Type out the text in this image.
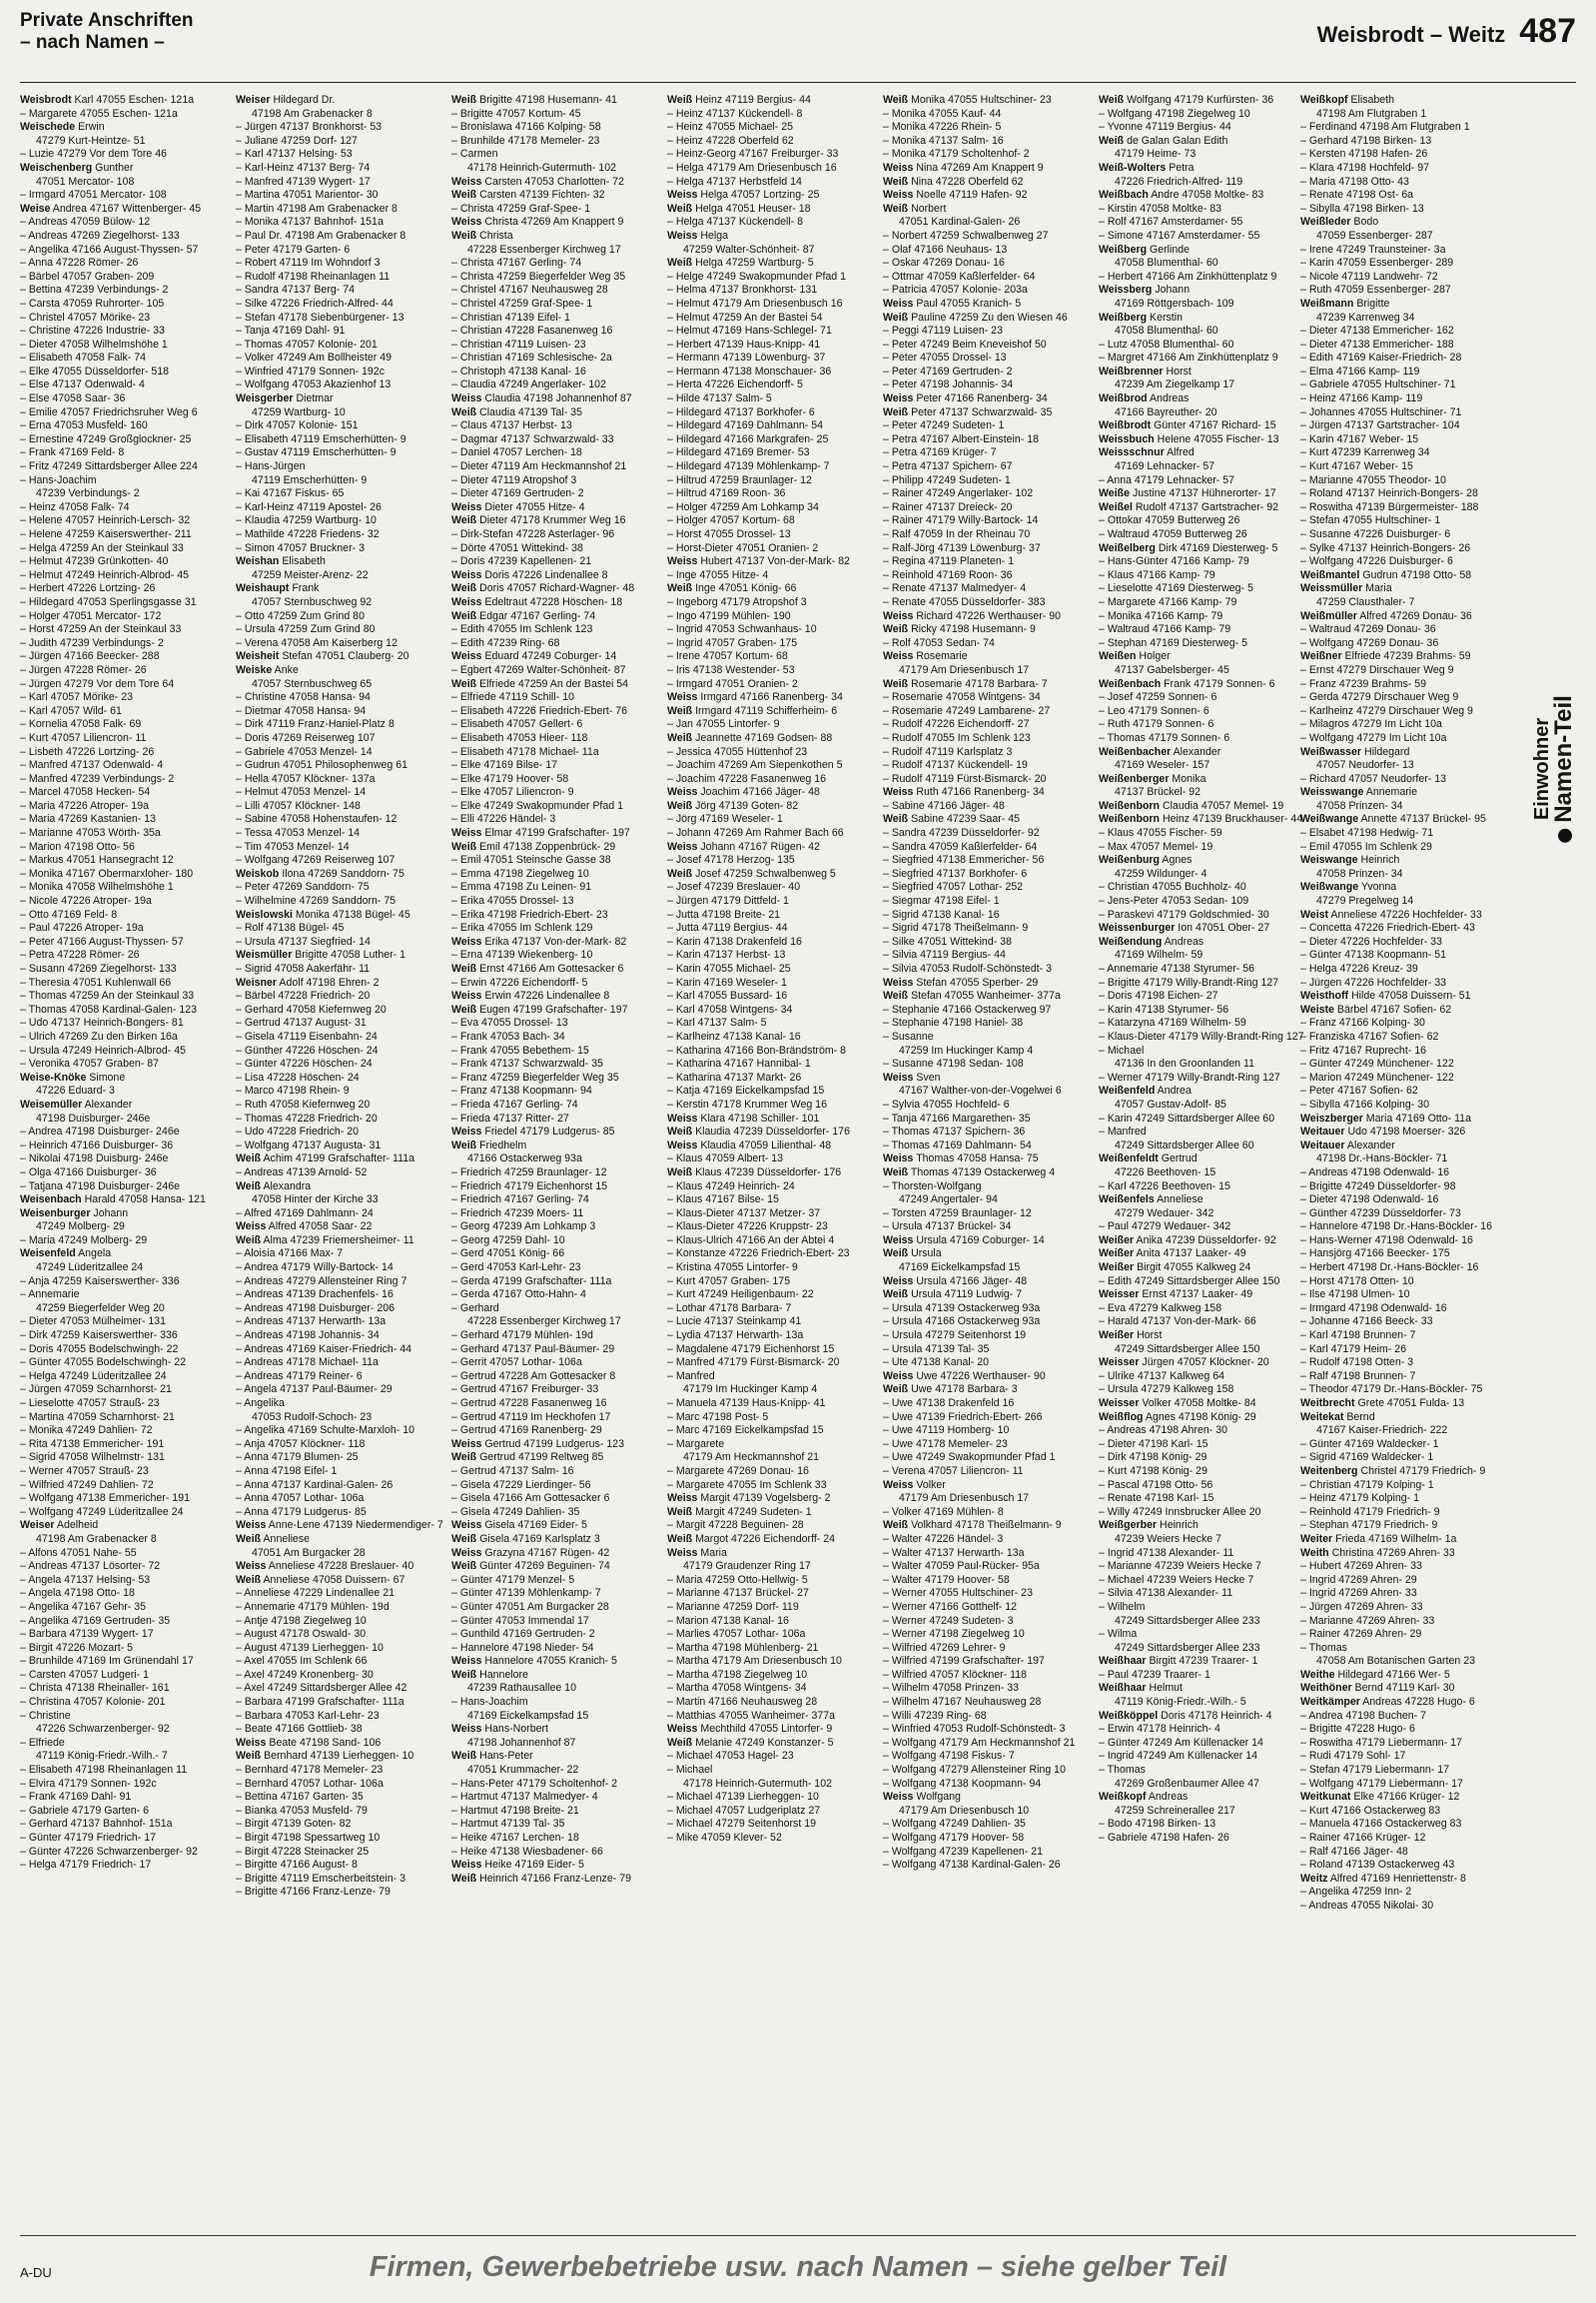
Private Anschriften
– nach Namen –	Weisbrodt – Weitz 487
Weisbrodt Karl 47055 Eschen- 121a
– Margarete 47055 Eschen- 121a
Weischede Erwin
47279 Kurt-Heintze- 51
– Luzie 47279 Vor dem Tore 46
Weischenberg Gunther
47051 Mercator- 108
– Irmgard 47051 Mercator- 108
Weise Andrea 47167 Wittenberger- 45
– Andreas 47059 Bülow- 12
– Andreas 47269 Ziegelhorst- 133
– Angelika 47166 August-Thyssen- 57
– Anna 47228 Römer- 26
– Bärbel 47057 Graben- 209
– Bettina 47239 Verbindungs- 2
– Carsta 47059 Ruhrorter- 105
– Christel 47057 Mörike- 23
– Christine 47226 Industrie- 33
– Dieter 47058 Wilhelmshöhe 1
– Elisabeth 47058 Falk- 74
– Elke 47055 Düsseldorfer- 518
– Else 47137 Odenwald- 4
– Else 47058 Saar- 36
– Emilie 47057 Friedrichsruher Weg 6
– Erna 47053 Musfeld- 160
– Ernestine 47249 Großglockner- 25
– Frank 47169 Feld- 8
– Fritz 47249 Sittardsberger Allee 224
– Hans-Joachim
47239 Verbindungs- 2
– Heinz 47058 Falk- 74
– Helene 47057 Heinrich-Lersch- 32
– Helene 47259 Kaiserswerther- 211
– Helga 47259 An der Steinkaul 33
– Helmut 47239 Grünkotten- 40
– Helmut 47249 Heinrich-Albrod- 45
– Herbert 47226 Lortzing- 26
– Hildegard 47053 Sperlingsgasse 31
– Holger 47051 Mercator- 172
– Horst 47259 An der Steinkaul 33
– Judith 47239 Verbindungs- 2
– Jürgen 47166 Beecker- 288
– Jürgen 47228 Römer- 26
– Jürgen 47279 Vor dem Tore 64
– Karl 47057 Mörike- 23
– Karl 47057 Wild- 61
– Kornelia 47058 Falk- 69
– Kurt 47057 Liliencron- 11
– Lisbeth 47226 Lortzing- 26
– Manfred 47137 Odenwald- 4
– Manfred 47239 Verbindungs- 2
– Marcel 47058 Hecken- 54
– Maria 47226 Atroper- 19a
– Maria 47269 Kastanien- 13
– Marianne 47053 Wörth- 35a
– Marion 47198 Otto- 56
– Markus 47051 Hansegracht 12
– Monika 47167 Obermarxloher- 180
– Monika 47058 Wilhelmshöhe 1
– Nicole 47226 Atroper- 19a
– Otto 47169 Feld- 8
– Paul 47226 Atroper- 19a
– Peter 47166 August-Thyssen- 57
– Petra 47228 Römer- 26
– Susann 47269 Ziegelhorst- 133
– Theresia 47051 Kuhlenwall 66
– Thomas 47259 An der Steinkaul 33
– Thomas 47058 Kardinal-Galen- 123
– Udo 47137 Heinrich-Bongers- 81
– Ulrich 47269 Zu den Birken 16a
– Ursula 47249 Heinrich-Albrod- 45
– Veronika 47057 Graben- 87
Weise-Knöke Simone
47226 Eduard- 3
Weisemüller Alexander
47198 Duisburger- 246e
– Andrea 47198 Duisburger- 246e
– Heinrich 47166 Duisburger- 36
– Nikolai 47198 Duisburg- 246e
– Olga 47166 Duisburger- 36
– Tatjana 47198 Duisburger- 246e
Weisenbach Harald 47058 Hansa- 121
Weisenburger Johann
47249 Molberg- 29
– Maria 47249 Molberg- 29
Weisenfeld Angela
47249 Lüderitzallee 24
– Anja 47259 Kaiserswerther- 336
– Annemarie
47259 Biegerfelder Weg 20
– Dieter 47053 Mülheimer- 131
– Dirk 47259 Kaiserswerther- 336
– Doris 47055 Bodelschwingh- 22
– Günter 47055 Bodelschwingh- 22
– Helga 47249 Lüderitzallee 24
– Jürgen 47059 Scharnhorst- 21
– Lieselotte 47057 Strauß- 23
– Martina 47059 Scharnhorst- 21
– Monika 47249 Dahlien- 72
– Rita 47138 Emmericher- 191
– Sigrid 47058 Wilhelmstr- 131
– Werner 47057 Strauß- 23
– Wilfried 47249 Dahlien- 72
– Wolfgang 47138 Emmericher- 191
– Wolfgang 47249 Lüderitzallee 24
Weiser Adelheid
47198 Am Grabenacker 8
– Alfons 47051 Nahe- 55
– Andreas 47137 Lösorter- 72
– Angela 47137 Helsing- 53
– Angela 47198 Otto- 18
– Angelika 47167 Gehr- 35
– Angelika 47169 Gertruden- 35
– Barbara 47139 Wygert- 17
– Birgit 47226 Mozart- 5
– Brunhilde 47169 Im Grünendahl 17
– Carsten 47057 Ludgeri- 1
– Christa 47138 Rheinaller- 161
– Christina 47057 Kolonie- 201
– Christine
47226 Schwarzenberger- 92
– Elfriede
47119 König-Friedr.-Wilh.- 7
– Elisabeth 47198 Rheinanlagen 11
– Elvira 47179 Sonnen- 192c
– Frank 47169 Dahl- 91
– Gabriele 47179 Garten- 6
– Gerhard 47137 Bahnhof- 151a
– Günter 47179 Friedrich- 17
– Günter 47226 Schwarzenberger- 92
– Helga 47179 Friedrich- 17
Weiser Hildegard Dr.
47198 Am Grabenacker 8
– Jürgen 47137 Bronkhorst- 53
– Juliane 47259 Dorf- 127
– Karl 47137 Helsing- 53
– Karl-Heinz 47137 Berg- 74
– Manfred 47139 Wygert- 17
– Martina 47051 Marientor- 30
– Martin 47198 Am Grabenacker 8
– Monika 47137 Bahnhof- 151a
– Paul Dr. 47198 Am Grabenacker 8
– Peter 47179 Garten- 6
– Robert 47119 Im Wohndorf 3
– Rudolf 47198 Rheinanlagen 11
– Sandra 47137 Berg- 74
– Silke 47226 Friedrich-Alfred- 44
– Stefan 47178 Siebenbürgener- 13
– Tanja 47169 Dahl- 91
– Thomas 47057 Kolonie- 201
– Volker 47249 Am Bollheister 49
– Winfried 47179 Sonnen- 192c
– Wolfgang 47053 Akazienhof 13
Weisgerber Dietmar
47259 Wartburg- 10
– Dirk 47057 Kolonie- 151
– Elisabeth 47119 Emscherhütten- 9
– Gustav 47119 Emscherhütten- 9
– Hans-Jürgen
47119 Emscherhütten- 9
– Kai 47167 Fiskus- 65
– Karl-Heinz 47119 Apostel- 26
– Klaudia 47259 Wartburg- 10
– Mathilde 47228 Friedens- 32
– Simon 47057 Bruckner- 3
Weishan Elisabeth
47259 Meister-Arenz- 22
Weishaupt Frank
47057 Sternbuschweg 92
– Otto 47259 Zum Grind 80
– Ursula 47259 Zum Grind 80
– Verena 47058 Am Kaiserberg 12
Weisheit Stefan 47051 Clauberg- 20
Weiske Anke
47057 Sternbuschweg 65
– Christine 47058 Hansa- 94
– Dietmar 47058 Hansa- 94
– Dirk 47119 Franz-Haniel-Platz 8
– Doris 47269 Reiserweg 107
– Gabriele 47053 Menzel- 14
– Gudrun 47051 Philosophenweg 61
– Hella 47057 Klöckner- 137a
– Helmut 47053 Menzel- 14
– Lilli 47057 Klöckner- 148
– Sabine 47058 Hohenstaufen- 12
– Tessa 47053 Menzel- 14
– Tim 47053 Menzel- 14
– Wolfgang 47269 Reiserweg 107
Weiskob Ilona 47269 Sanddorn- 75
– Peter 47269 Sanddorn- 75
– Wilhelmine 47269 Sanddorn- 75
Weislowski Monika 47138 Bügel- 45
– Rolf 47138 Bügel- 45
– Ursula 47137 Siegfried- 14
Weismüller Brigitte 47058 Luther- 1
– Sigrid 47058 Aakerfähr- 11
Weisner Adolf 47198 Ehren- 2
– Bärbel 47228 Friedrich- 20
– Gerhard 47058 Kiefernweg 20
– Gertrud 47137 August- 31
– Gisela 47119 Eisenbahn- 24
– Günther 47226 Höschen- 24
– Günter 47226 Höschen- 24
– Lisa 47228 Höschen- 24
– Marco 47198 Rhein- 9
– Ruth 47058 Kiefernweg 20
– Thomas 47228 Friedrich- 20
– Udo 47228 Friedrich- 20
– Wolfgang 47137 Augusta- 31
Weiß Achim 47199 Grafschafter- 111a
– Andreas 47139 Arnold- 52
Weiß Alexandra
47058 Hinter der Kirche 33
– Alfred 47169 Dahlmann- 24
Weiss Alfred 47058 Saar- 22
Weiß Alma 47239 Friemersheimer- 11
– Aloisia 47166 Max- 7
– Andrea 47179 Willy-Bartock- 14
– Andreas 47279 Allensteiner Ring 7
– Andreas 47139 Drachenfels- 16
– Andreas 47198 Duisburger- 206
– Andreas 47137 Herwarth- 13a
– Andreas 47198 Johannis- 34
– Andreas 47169 Kaiser-Friedrich- 44
– Andreas 47178 Michael- 11a
– Andreas 47179 Reiner- 6
– Angela 47137 Paul-Bäumer- 29
– Angelika
47053 Rudolf-Schoch- 23
– Angelika 47169 Schulte-Marxloh- 10
– Anja 47057 Klöckner- 118
– Anna 47179 Blumen- 25
– Anna 47198 Eifel- 1
– Anna 47137 Kardinal-Galen- 26
– Anna 47057 Lothar- 106a
– Anna 47179 Ludgerus- 85
Weiss Anne-Lene 47139 Niedermendiger- 7
Weiß Anneliese
47051 Am Burgacker 28
Weiss Anneliese 47228 Breslauer- 40
Weiß Anneliese 47058 Duissern- 67
– Anneliese 47229 Lindenallee 21
– Annemarie 47179 Mühlen- 19d
– Antje 47198 Ziegelweg 10
– August 47178 Oswald- 30
– August 47139 Lierheggen- 10
– Axel 47055 Im Schlenk 66
– Axel 47249 Kronenberg- 30
– Axel 47249 Sittardsberger Allee 42
– Barbara 47199 Grafschafter- 111a
– Barbara 47053 Karl-Lehr- 23
– Beate 47166 Gottlieb- 38
Weiss Beate 47198 Sand- 106
Weiß Bernhard 47139 Lierheggen- 10
– Bernhard 47178 Memeler- 23
– Bernhard 47057 Lothar- 106a
– Bettina 47167 Garten- 35
– Bianka 47053 Musfeld- 79
– Birgit 47139 Goten- 82
– Birgit 47198 Spessartweg 10
– Birgit 47228 Steinacker 25
– Birgitte 47166 August- 8
– Brigitte 47119 Emscherbeitstein- 3
– Brigitte 47166 Franz-Lenze- 79
Weiß Brigitte 47198 Husemann- 41
– Brigitte 47057 Kortum- 45
– Bronislawa 47166 Kolping- 58
– Brunhilde 47178 Memeler- 23
– Carmen
47178 Heinrich-Gutermuth- 102
Weiss Carsten 47053 Charlotten- 72
Weiß Carsten 47139 Fichten- 32
– Christa 47259 Graf-Spee- 1
Weiss Christa 47269 Am Knappert 9
Weiß Christa
47228 Essenberger Kirchweg 17
– Christa 47167 Gerling- 74
– Christa 47259 Biegerfelder Weg 35
– Christel 47167 Neuhausweg 28
– Christel 47259 Graf-Spee- 1
– Christian 47139 Eifel- 1
– Christian 47228 Fasanenweg 16
– Christian 47119 Luisen- 23
– Christian 47169 Schlesische- 2a
– Christoph 47138 Kanal- 16
– Claudia 47249 Angerlaker- 102
Weiss Claudia 47198 Johannenhof 87
Weiß Claudia 47139 Tal- 35
– Claus 47137 Herbst- 13
– Dagmar 47137 Schwarzwald- 33
– Daniel 47057 Lerchen- 18
– Dieter 47119 Am Heckmannshof 21
– Dieter 47119 Atropshof 3
– Dieter 47169 Gertruden- 2
Weiss Dieter 47055 Hitze- 4
Weiß Dieter 47178 Krummer Weg 16
– Dirk-Stefan 47228 Asterlager- 96
– Dörte 47051 Wittekind- 38
– Doris 47239 Kapellenen- 21
Weiss Doris 47226 Lindenallee 8
Weiß Doris 47057 Richard-Wagner- 48
Weiss Edeltraut 47228 Höschen- 18
Weiß Edgar 47167 Gerling- 74
– Edith 47055 Im Schlenk 123
– Edith 47239 Ring- 68
Weiss Eduard 47249 Coburger- 14
– Egbert 47269 Walter-Schönheit- 87
Weiß Elfriede 47259 An der Bastei 54
– Elfriede 47119 Schill- 10
– Elisabeth 47226 Friedrich-Ebert- 76
– Elisabeth 47057 Gellert- 6
– Elisabeth 47053 Hieer- 118
– Elisabeth 47178 Michael- 11a
– Elke 47169 Bilse- 17
– Elke 47179 Hoover- 58
– Elke 47057 Liliencron- 9
– Elke 47249 Swakopmunder Pfad 1
– Elli 47226 Händel- 3
Weiss Elmar 47199 Grafschafter- 197
Weiß Emil 47138 Zoppenbrück- 29
– Emil 47051 Steinsche Gasse 38
– Emma 47198 Ziegelweg 10
– Emma 47198 Zu Leinen- 91
– Erika 47055 Drossel- 13
– Erika 47198 Friedrich-Ebert- 23
– Erika 47055 Im Schlenk 129
Weiss Erika 47137 Von-der-Mark- 82
– Erna 47139 Wiekenberg- 10
Weiß Ernst 47166 Am Gottesacker 6
– Erwin 47226 Eichendorff- 5
Weiss Erwin 47226 Lindenallee 8
Weiß Eugen 47199 Grafschafter- 197
– Eva 47055 Drossel- 13
– Frank 47053 Bach- 34
– Frank 47055 Bebethem- 15
– Frank 47137 Schwarzwald- 35
– Franz 47259 Biegerfelder Weg 35
– Franz 47138 Koopmann- 94
– Frieda 47167 Gerling- 74
– Frieda 47137 Ritter- 27
Weiss Friedel 47179 Ludgerus- 85
Weiß Friedhelm
47166 Ostackerweg 93a
– Friedrich 47259 Braunlager- 12
– Friedrich 47179 Eichenhorst 15
– Friedrich 47167 Gerling- 74
– Friedrich 47239 Moers- 11
– Georg 47239 Am Lohkamp 3
– Georg 47259 Dahl- 10
– Gerd 47051 König- 66
– Gerd 47053 Karl-Lehr- 23
– Gerda 47199 Grafschafter- 111a
– Gerda 47167 Otto-Hahn- 4
– Gerhard
47228 Essenberger Kirchweg 17
– Gerhard 47179 Mühlen- 19d
– Gerhard 47137 Paul-Bäumer- 29
– Gerrit 47057 Lothar- 106a
– Gertrud 47228 Am Gottesacker 8
– Gertrud 47167 Freiburger- 33
– Gertrud 47228 Fasanenweg 16
– Gertrud 47119 Im Heckhofen 17
– Gertrud 47169 Ranenberg- 29
Weiss Gertrud 47199 Ludgerus- 123
Weiß Gertrud 47199 Reltweg 85
– Gertrud 47137 Salm- 16
– Gisela 47229 Lierdinger- 56
– Gisela 47166 Am Gottesacker 6
– Gisela 47249 Dahlien- 35
Weiss Gisela 47169 Eider- 5
Weiß Gisela 47169 Karlsplatz 3
Weiss Grazyna 47167 Rügen- 42
Weiß Günter 47269 Beguinen- 74
– Günter 47179 Menzel- 5
– Günter 47139 Möhlenkamp- 7
– Günter 47051 Am Burgacker 28
– Günter 47053 Immendal 17
– Gunthild 47169 Gertruden- 2
– Hannelore 47198 Nieder- 54
Weiss Hannelore 47055 Kranich- 5
Weiß Hannelore
47239 Rathausallee 10
– Hans-Joachim
47169 Eickelkampsfad 15
Weiss Hans-Norbert
47198 Johannenhof 87
Weiß Hans-Peter
47051 Krummacher- 22
– Hans-Peter 47179 Scholtenhof- 2
– Hartmut 47137 Malmedyer- 4
– Hartmut 47198 Breite- 21
– Hartmut 47139 Tal- 35
– Heike 47167 Lerchen- 18
– Heike 47138 Wiesbadener- 66
Weiss Heike 47169 Eider- 5
Weiß Heinrich 47166 Franz-Lenze- 79
Weiß Heinz 47119 Bergius- 44
– Heinz 47137 Kückendell- 8
– Heinz 47055 Michael- 25
– Heinz 47228 Oberfeld 62
– Heinz-Georg 47167 Freiburger- 33
– Helga 47179 Am Driesenbusch 16
– Helga 47137 Herbstfeld 14
Weiss Helga 47057 Lortzing- 25
Weiß Helga 47051 Heuser- 18
– Helga 47137 Kückendell- 8
Weiss Helga
47259 Walter-Schönheit- 87
Weiß Helga 47259 Wartburg- 5
– Helge 47249 Swakopmunder Pfad 1
– Helma 47137 Bronkhorst- 131
– Helmut 47179 Am Driesenbusch 16
– Helmut 47259 An der Bastei 54
– Helmut 47169 Hans-Schlegel- 71
– Herbert 47139 Haus-Knipp- 41
– Hermann 47139 Löwenburg- 37
– Hermann 47138 Monschauer- 36
– Herta 47226 Eichendorff- 5
– Hilde 47137 Salm- 5
– Hildegard 47137 Borkhofer- 6
– Hildegard 47169 Dahlmann- 54
– Hildegard 47166 Markgrafen- 25
– Hildegard 47169 Bremer- 53
– Hildegard 47139 Möhlenkamp- 7
– Hiltrud 47259 Braunlager- 12
– Hiltrud 47169 Roon- 36
– Holger 47259 Am Lohkamp 34
– Holger 47057 Kortum- 68
– Horst 47055 Drossel- 13
– Horst-Dieter 47051 Oranien- 2
Weiss Hubert 47137 Von-der-Mark- 82
– Inge 47055 Hitze- 4
Weiß Inge 47051 König- 66
– Ingeborg 47179 Atropshof 3
– Ingo 47199 Mühlen- 190
– Ingrid 47053 Schwanhaus- 10
– Ingrid 47057 Graben- 175
– Irene 47057 Kortum- 68
– Iris 47138 Westender- 53
– Irmgard 47051 Oranien- 2
Weiss Irmgard 47166 Ranenberg- 34
Weiß Irmgard 47119 Schifferheim- 6
– Jan 47055 Lintorfer- 9
Weiß Jeannette 47169 Godsen- 88
– Jessica 47055 Hüttenhof 23
– Joachim 47269 Am Siepenkothen 5
– Joachim 47228 Fasanenweg 16
Weiss Joachim 47166 Jäger- 48
Weiß Jörg 47139 Goten- 82
– Jörg 47169 Weseler- 1
– Johann 47269 Am Rahmer Bach 66
Weiss Johann 47167 Rügen- 42
– Josef 47178 Herzog- 135
Weiß Josef 47259 Schwalbenweg 5
– Josef 47239 Breslauer- 40
– Jürgen 47179 Dittfeld- 1
– Jutta 47198 Breite- 21
– Jutta 47119 Bergius- 44
– Karin 47138 Drakenfeld 16
– Karin 47137 Herbst- 13
– Karin 47055 Michael- 25
– Karin 47169 Weseler- 1
– Karl 47055 Bussard- 16
– Karl 47058 Wintgens- 34
– Karl 47137 Salm- 5
– Karlheinz 47138 Kanal- 16
– Katharina 47166 Bon-Brändström- 8
– Katharina 47167 Hannibal- 1
– Katharina 47137 Markt- 26
– Katja 47169 Eickelkampsfad 15
– Kerstin 47178 Krummer Weg 16
Weiss Klara 47198 Schiller- 101
Weiß Klaudia 47239 Düsseldorfer- 176
Weiss Klaudia 47059 Lilienthal- 48
– Klaus 47059 Albert- 13
Weiß Klaus 47239 Düsseldorfer- 176
– Klaus 47249 Heinrich- 24
– Klaus 47167 Bilse- 15
– Klaus-Dieter 47137 Metzer- 37
– Klaus-Dieter 47226 Kruppstr- 23
– Klaus-Ulrich 47166 An der Abtei 4
– Konstanze 47226 Friedrich-Ebert- 23
– Kristina 47055 Lintorfer- 9
– Kurt 47057 Graben- 175
– Kurt 47249 Heiligenbaum- 22
– Lothar 47178 Barbara- 7
– Lucie 47137 Steinkamp 41
– Lydia 47137 Herwarth- 13a
– Magdalene 47179 Eichenhorst 15
– Manfred 47179 Fürst-Bismarck- 20
– Manfred
47179 Im Huckinger Kamp 4
– Manuela 47139 Haus-Knipp- 41
– Marc 47198 Post- 5
– Marc 47169 Eickelkampsfad 15
– Margarete
47179 Am Heckmannshof 21
– Margarete 47269 Donau- 16
– Margarete 47055 Im Schlenk 33
Weiss Margit 47139 Vogelsberg- 2
Weiß Margit 47249 Sudeten- 1
– Margit 47228 Beguinen- 28
Weiß Margot 47226 Eichendorff- 24
Weiss Maria
47179 Graudenzer Ring 17
– Maria 47259 Otto-Hellwig- 5
– Marianne 47137 Brückel- 27
– Marianne 47259 Dorf- 119
– Marion 47138 Kanal- 16
– Marlies 47057 Lothar- 106a
– Martha 47198 Mühlenberg- 21
– Martha 47179 Am Driesenbusch 10
– Martha 47198 Ziegelweg 10
– Martha 47058 Wintgens- 34
– Martin 47166 Neuhausweg 28
– Matthias 47055 Wanheimer- 377a
Weiss Mechthild 47055 Lintorfer- 9
Weiß Melanie 47249 Konstanzer- 5
– Michael 47053 Hagel- 23
– Michael
47178 Heinrich-Gutermuth- 102
– Michael 47139 Lierheggen- 10
– Michael 47057 Ludgeriplatz 27
– Michael 47279 Seitenhorst 19
– Mike 47059 Klever- 52
Weiß Monika 47055 Hultschiner- 23
– Monika 47055 Kauf- 44
– Monika 47226 Rhein- 5
– Monika 47137 Salm- 16
– Monika 47179 Scholtenhof- 2
Weiss Nina 47269 Am Knappert 9
Weiß Nina 47228 Oberfeld 62
Weiss Noelle 47119 Hafen- 92
Weiß Norbert
47051 Kardinal-Galen- 26
– Norbert 47259 Schwalbenweg 27
– Olaf 47166 Neuhaus- 13
– Oskar 47269 Donau- 16
– Ottmar 47059 Kaßlerfelder- 64
– Patricia 47057 Kolonie- 203a
Weiss Paul 47055 Kranich- 5
Weiß Pauline 47259 Zu den Wiesen 46
– Peggi 47119 Luisen- 23
– Peter 47249 Beim Kneveishof 50
– Peter 47055 Drossel- 13
– Peter 47169 Gertruden- 2
– Peter 47198 Johannis- 34
Weiss Peter 47166 Ranenberg- 34
Weiß Peter 47137 Schwarzwald- 35
– Peter 47249 Sudeten- 1
– Petra 47167 Albert-Einstein- 18
– Petra 47169 Krüger- 7
– Petra 47137 Spichern- 67
– Philipp 47249 Sudeten- 1
– Rainer 47249 Angerlaker- 102
– Rainer 47137 Dreieck- 20
– Rainer 47179 Willy-Bartock- 14
– Ralf 47059 In der Rheinau 70
– Ralf-Jörg 47139 Löwenburg- 37
– Regina 47119 Planeten- 1
– Reinhold 47169 Roon- 36
– Renate 47137 Malmedyer- 4
– Renate 47055 Düsseldorfer- 383
Weiss Richard 47226 Werthauser- 90
Weiß Ricky 47198 Husemann- 9
– Rolf 47053 Sedan- 74
Weiss Rosemarie
47179 Am Driesenbusch 17
Weiß Rosemarie 47178 Barbara- 7
– Rosemarie 47058 Wintgens- 34
– Rosemarie 47249 Lambarene- 27
– Rudolf 47226 Eichendorff- 27
– Rudolf 47055 Im Schlenk 123
– Rudolf 47119 Karlsplatz 3
– Rudolf 47137 Kückendell- 19
– Rudolf 47119 Fürst-Bismarck- 20
Weiss Ruth 47166 Ranenberg- 34
– Sabine 47166 Jäger- 48
Weiß Sabine 47239 Saar- 45
– Sandra 47239 Düsseldorfer- 92
– Sandra 47059 Kaßlerfelder- 64
– Siegfried 47138 Emmericher- 56
– Siegfried 47137 Borkhofer- 6
– Siegfried 47057 Lothar- 252
– Siegmar 47198 Eifel- 1
– Sigrid 47138 Kanal- 16
– Sigrid 47178 Theißelmann- 9
– Silke 47051 Wittekind- 38
– Silvia 47119 Bergius- 44
– Silvia 47053 Rudolf-Schönstedt- 3
Weiss Stefan 47055 Sperber- 29
Weiß Stefan 47055 Wanheimer- 377a
– Stephanie 47166 Ostackerweg 97
– Stephanie 47198 Haniel- 38
– Susanne
47259 Im Huckinger Kamp 4
– Susanne 47198 Sedan- 108
Weiss Sven
47167 Walther-von-der-Vogelwei 6
– Sylvia 47055 Hochfeld- 6
– Tanja 47166 Margarethen- 35
– Thomas 47137 Spichern- 36
– Thomas 47169 Dahlmann- 54
Weiss Thomas 47058 Hansa- 75
Weiß Thomas 47139 Ostackerweg 4
– Thorsten-Wolfgang
47249 Angertaler- 94
– Torsten 47259 Braunlager- 12
– Ursula 47137 Brückel- 34
Weiss Ursula 47169 Coburger- 14
Weiß Ursula
47169 Eickelkampsfad 15
Weiss Ursula 47166 Jäger- 48
Weiß Ursula 47119 Ludwig- 7
– Ursula 47139 Ostackerweg 93a
– Ursula 47166 Ostackerweg 93a
– Ursula 47279 Seitenhorst 19
– Ursula 47139 Tal- 35
– Ute 47138 Kanal- 20
Weiss Uwe 47226 Werthauser- 90
Weiß Uwe 47178 Barbara- 3
– Uwe 47138 Drakenfeld 16
– Uwe 47139 Friedrich-Ebert- 266
– Uwe 47119 Homberg- 10
– Uwe 47178 Memeler- 23
– Uwe 47249 Swakopmunder Pfad 1
– Verena 47057 Liliencron- 11
Weiss Volker
47179 Am Driesenbusch 17
– Volker 47169 Mühlen- 8
Weiß Volkhard 47178 Theißelmann- 9
– Walter 47226 Händel- 3
– Walter 47137 Herwarth- 13a
– Walter 47059 Paul-Rücker- 95a
– Walter 47179 Hoover- 58
– Werner 47055 Hultschiner- 23
– Werner 47166 Gotthelf- 12
– Werner 47249 Sudeten- 3
– Werner 47198 Ziegelweg 10
– Wilfried 47269 Lehrer- 9
– Wilfried 47199 Grafschafter- 197
– Wilfried 47057 Klöckner- 118
– Wilhelm 47058 Prinzen- 33
– Wilhelm 47167 Neuhausweg 28
– Willi 47239 Ring- 68
– Winfried 47053 Rudolf-Schönstedt- 3
– Wolfgang 47179 Am Heckmannshof 21
– Wolfgang 47198 Fiskus- 7
– Wolfgang 47279 Allensteiner Ring 10
– Wolfgang 47138 Koopmann- 94
Weiss Wolfgang
47179 Am Driesenbusch 10
– Wolfgang 47249 Dahlien- 35
– Wolfgang 47179 Hoover- 58
– Wolfgang 47239 Kapellenen- 21
– Wolfgang 47138 Kardinal-Galen- 26
Weiß Wolfgang 47179 Kurfürsten- 36
– Wolfgang 47198 Ziegelweg 10
– Yvonne 47119 Bergius- 44
Weiß de Galan Galan Edith
47179 Heime- 73
Weiß-Wolters Petra
47226 Friedrich-Alfred- 119
Weißbach Andre 47058 Moltke- 83
– Kirstin 47058 Moltke- 83
– Rolf 47167 Amsterdamer- 55
– Simone 47167 Amsterdamer- 55
Weißberg Gerlinde
47058 Blumenthal- 60
– Herbert 47166 Am Zinkhüttenplatz 9
Weissberg Johann
47169 Röttgersbach- 109
Weißberg Kerstin
47058 Blumenthal- 60
– Lutz 47058 Blumenthal- 60
– Margret 47166 Am Zinkhüttenplatz 9
Weißbrenner Horst
47239 Am Ziegelkamp 17
Weißbrod Andreas
47166 Bayreuther- 20
Weißbrodt Günter 47167 Richard- 15
Weissbuch Helene 47055 Fischer- 13
Weissschnur Alfred
47169 Lehnacker- 57
– Anna 47179 Lehnacker- 57
Weiße Justine 47137 Hühnerorter- 17
Weißel Rudolf 47137 Gartstracher- 92
– Ottokar 47059 Butterweg 26
– Waltraud 47059 Butterweg 26
Weißelberg Dirk 47169 Diesterweg- 5
– Hans-Günter 47166 Kamp- 79
– Klaus 47166 Kamp- 79
– Lieselotte 47169 Diesterweg- 5
– Margarete 47166 Kamp- 79
– Monika 47166 Kamp- 79
– Waltraud 47166 Kamp- 79
– Stephan 47169 Diesterweg- 5
Weißen Holger
47137 Gabelsberger- 45
Weißenbach Frank 47179 Sonnen- 6
– Josef 47259 Sonnen- 6
– Leo 47179 Sonnen- 6
– Ruth 47179 Sonnen- 6
– Thomas 47179 Sonnen- 6
Weißenbacher Alexander
47169 Weseler- 157
Weißenberger Monika
47137 Brückel- 92
Weißenborn Claudia 47057 Memel- 19
Weißenborn Heinz 47139 Bruckhauser- 44
– Klaus 47055 Fischer- 59
– Max 47057 Memel- 19
Weißenburg Agnes
47259 Wildunger- 4
– Christian 47055 Buchholz- 40
– Jens-Peter 47053 Sedan- 109
– Paraskevi 47179 Goldschmied- 30
Weissenburger Ion 47051 Ober- 27
Weißendung Andreas
47169 Wilhelm- 59
– Annemarie 47138 Styrumer- 56
– Brigitte 47179 Willy-Brandt-Ring 127
– Doris 47198 Eichen- 27
– Karin 47138 Styrumer- 56
– Katarzyna 47169 Wilhelm- 59
– Klaus-Dieter 47179 Willy-Brandt-Ring 127
– Michael
47136 In den Groonlanden 11
– Werner 47179 Willy-Brandt-Ring 127
Weißenfeld Andrea
47057 Gustav-Adolf- 85
– Karin 47249 Sittardsberger Allee 60
– Manfred
47249 Sittardsberger Allee 60
Weißenfeldt Gertrud
47226 Beethoven- 15
– Karl 47226 Beethoven- 15
Weißenfels Anneliese
47279 Wedauer- 342
– Paul 47279 Wedauer- 342
Weißer Anika 47239 Düsseldorfer- 92
Weißer Anita 47137 Laaker- 49
Weißer Birgit 47055 Kalkweg 24
– Edith 47249 Sittardsberger Allee 150
Weisser Ernst 47137 Laaker- 49
– Eva 47279 Kalkweg 158
– Harald 47137 Von-der-Mark- 66
Weißer Horst
47249 Sittardsberger Allee 150
Weisser Jürgen 47057 Klöckner- 20
– Ulrike 47137 Kalkweg 64
– Ursula 47279 Kalkweg 158
Weisser Volker 47058 Moltke- 84
Weißflog Agnes 47198 König- 29
– Andreas 47198 Ahren- 30
– Dieter 47198 Karl- 15
– Dirk 47198 König- 29
– Kurt 47198 König- 29
– Pascal 47198 Otto- 56
– Renate 47198 Karl- 15
– Willy 47249 Innsbrucker Allee 20
Weißgerber Heinrich
47239 Weiers Hecke 7
– Ingrid 47138 Alexander- 11
– Marianne 47239 Weiers Hecke 7
– Michael 47239 Weiers Hecke 7
– Silvia 47138 Alexander- 11
– Wilhelm
47249 Sittardsberger Allee 233
– Wilma
47249 Sittardsberger Allee 233
Weißhaar Birgitt 47239 Traarer- 1
– Paul 47239 Traarer- 1
Weißhaar Helmut
47119 König-Friedr.-Wilh.- 5
Weißköppel Doris 47178 Heinrich- 4
– Erwin 47178 Heinrich- 4
– Günter 47249 Am Küllenacker 14
– Ingrid 47249 Am Küllenacker 14
– Thomas
47269 Großenbaumer Allee 47
Weißkopf Andreas
47259 Schreinerallee 217
– Bodo 47198 Birken- 13
– Gabriele 47198 Hafen- 26
Weißkopf Elisabeth
47198 Am Flutgraben 1
– Ferdinand 47198 Am Flutgraben 1
– Gerhard 47198 Birken- 13
– Kersten 47198 Hafen- 26
– Klara 47198 Hochfeld- 97
– Maria 47198 Otto- 43
– Renate 47198 Ost- 6a
– Sibylla 47198 Birken- 13
Weißleder Bodo
47059 Essenberger- 287
– Irene 47249 Traunsteiner- 3a
– Karin 47059 Essenberger- 289
– Nicole 47119 Landwehr- 72
– Ruth 47059 Essenberger- 287
Weißmann Brigitte
47239 Karrenweg 34
– Dieter 47138 Emmericher- 162
– Dieter 47138 Emmericher- 188
– Edith 47169 Kaiser-Friedrich- 28
– Elma 47166 Kamp- 119
– Gabriele 47055 Hultschiner- 71
– Heinz 47166 Kamp- 119
– Johannes 47055 Hultschiner- 71
– Jürgen 47137 Gartstracher- 104
– Karin 47167 Weber- 15
– Kurt 47239 Karrenweg 34
– Kurt 47167 Weber- 15
– Marianne 47055 Theodor- 10
– Roland 47137 Heinrich-Bongers- 28
– Roswitha 47139 Bürgermeister- 188
– Stefan 47055 Hultschiner- 1
– Susanne 47226 Duisburger- 6
– Sylke 47137 Heinrich-Bongers- 26
– Wolfgang 47226 Duisburger- 6
Weißmantel Gudrun 47198 Otto- 58
Weissmüller Maria
47259 Clausthaler- 7
Weißmüller Alfred 47269 Donau- 36
– Waltraud 47269 Donau- 36
– Wolfgang 47269 Donau- 36
Weißner Elfriede 47239 Brahms- 59
– Ernst 47279 Dirschauer Weg 9
– Franz 47239 Brahms- 59
– Gerda 47279 Dirschauer Weg 9
– Karlheinz 47279 Dirschauer Weg 9
– Milagros 47279 Im Licht 10a
– Wolfgang 47279 Im Licht 10a
Weißwasser Hildegard
47057 Neudorfer- 13
– Richard 47057 Neudorfer- 13
Weisswange Annemarie
47058 Prinzen- 34
Weißwange Annette 47137 Brückel- 95
– Elsabet 47198 Hedwig- 71
– Emil 47055 Im Schlenk 29
Weiswange Heinrich
47058 Prinzen- 34
Weißwange Yvonna
47279 Pregelweg 14
Weist Anneliese 47226 Hochfelder- 33
– Concetta 47226 Friedrich-Ebert- 43
– Dieter 47226 Hochfelder- 33
– Günter 47138 Koopmann- 51
– Helga 47226 Kreuz- 39
– Jürgen 47226 Hochfelder- 33
Weisthoff Hilde 47058 Duissern- 51
Weiste Bärbel 47167 Sofien- 62
– Franz 47166 Kolping- 30
– Franziska 47167 Sofien- 62
– Fritz 47167 Ruprecht- 16
– Günter 47249 Münchener- 122
– Marion 47249 Münchener- 122
– Peter 47167 Sofien- 62
– Sibylla 47166 Kolping- 30
Weiszberger Maria 47169 Otto- 11a
Weitauer Udo 47198 Moerser- 326
Weitauer Alexander
47198 Dr.-Hans-Böckler- 71
– Andreas 47198 Odenwald- 16
– Brigitte 47249 Düsseldorfer- 98
– Dieter 47198 Odenwald- 16
– Günther 47239 Düsseldorfer- 73
– Hannelore 47198 Dr.-Hans-Böckler- 16
– Hans-Werner 47198 Odenwald- 16
– Hansjörg 47166 Beecker- 175
– Herbert 47198 Dr.-Hans-Böckler- 16
– Horst 47178 Otten- 10
– Ilse 47198 Ulmen- 10
– Irmgard 47198 Odenwald- 16
– Johanne 47166 Beeck- 33
– Karl 47198 Brunnen- 7
– Karl 47179 Heim- 26
– Rudolf 47198 Otten- 3
– Ralf 47198 Brunnen- 7
– Theodor 47179 Dr.-Hans-Böckler- 75
Weitbrecht Grete 47051 Fulda- 13
Weitekat Bernd
47167 Kaiser-Friedrich- 222
– Günter 47169 Waldecker- 1
– Sigrid 47169 Waldecker- 1
Weitenberg Christel 47179 Friedrich- 9
– Christian 47179 Kolping- 1
– Heinz 47179 Kolping- 1
– Reinhold 47179 Friedrich- 9
– Stephan 47179 Friedrich- 9
Weiter Frieda 47169 Wilhelm- 1a
Weith Christina 47269 Ahren- 33
– Hubert 47269 Ahren- 33
– Ingrid 47269 Ahren- 29
– Ingrid 47269 Ahren- 33
– Jürgen 47269 Ahren- 33
– Marianne 47269 Ahren- 33
– Rainer 47269 Ahren- 29
– Thomas
47058 Am Botanischen Garten 23
Weithe Hildegard 47166 Wer- 5
Weithöner Bernd 47119 Karl- 30
Weitkämper Andreas 47228 Hugo- 6
– Andrea 47198 Buchen- 7
– Brigitte 47228 Hugo- 6
– Roswitha 47179 Liebermann- 17
– Rudi 47179 Sohl- 17
– Stefan 47179 Liebermann- 17
– Wolfgang 47179 Liebermann- 17
Weitkunat Elke 47166 Krüger- 12
– Kurt 47166 Ostackerweg 83
– Manuela 47166 Ostackerweg 83
– Rainer 47166 Krüger- 12
– Ralf 47166 Jäger- 48
– Roland 47139 Ostackerweg 43
Weitz Alfred 47169 Henriettenstr- 8
– Angelika 47259 Inn- 2
– Andreas 47055 Nikolai- 30
Einwohner
Namen-Teil
A-DU	Firmen, Gewerbebetriebe usw. nach Namen – siehe gelber Teil
